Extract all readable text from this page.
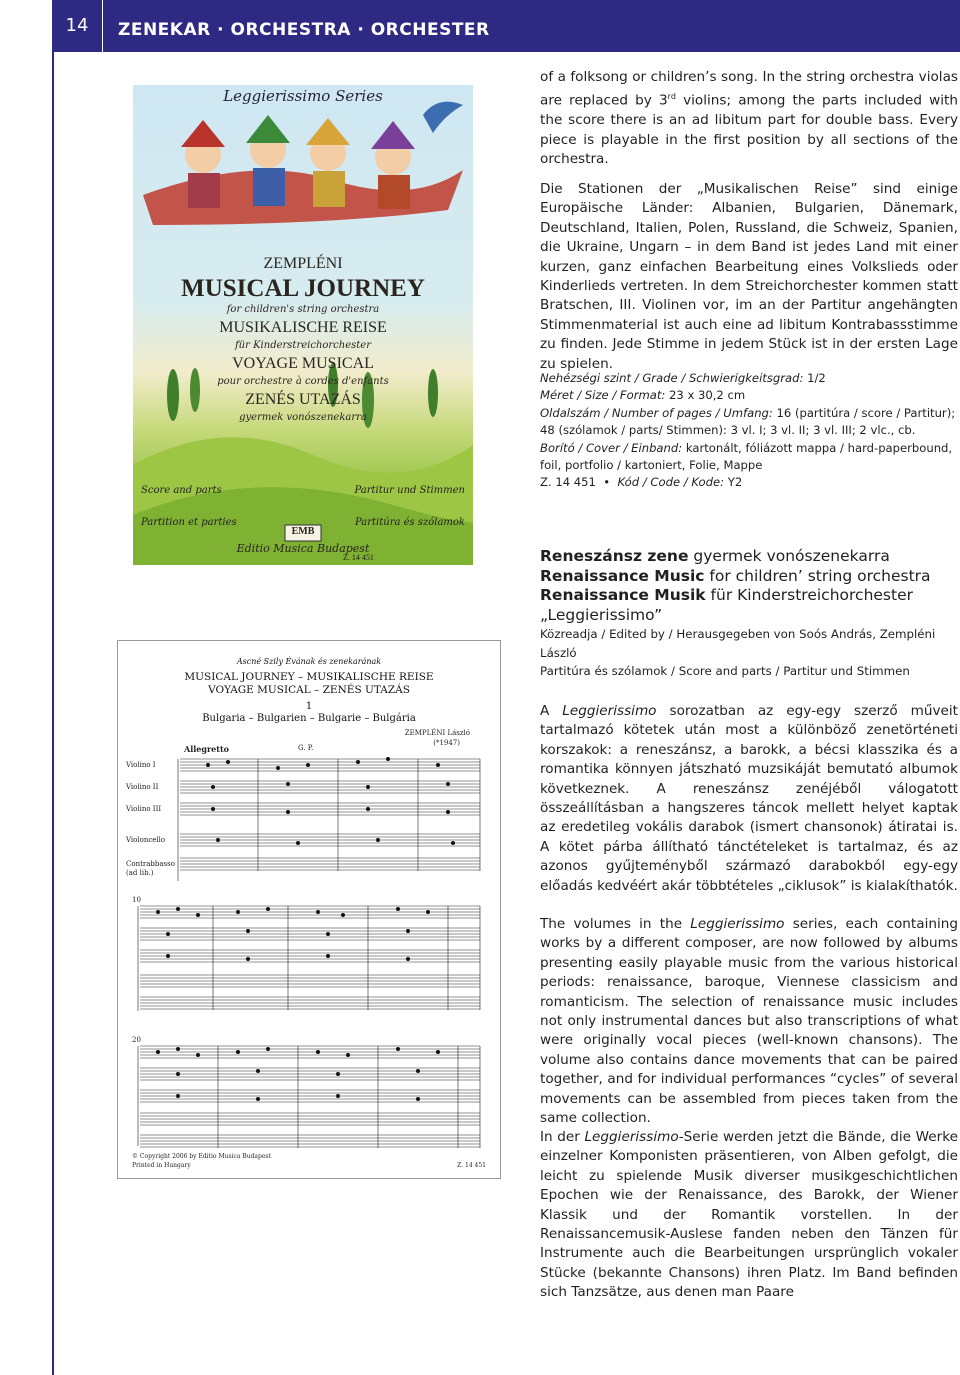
14	ZENEKAR · ORCHESTRA · ORCHESTER
Leggierissimo Series
ZEMPLÉNI
MUSICAL JOURNEY
for children's string orchestra
MUSIKALISCHE REISE
für Kinderstreichorchester
VOYAGE MUSICAL
pour orchestre à cordes d'enfants
ZENÉS UTAZÁS
gyermek vonószenekarra
Score and parts	Partitur und Stimmen
Partition et parties	Partitúra és szólamok
EMB
Editio Musica Budapest
Z. 14 451
Ascné Szily Évának és zenekarának
MUSICAL JOURNEY – MUSIKALISCHE REISE
VOYAGE MUSICAL – ZENÉS UTAZÁS
1
Bulgaria – Bulgarien – Bulgarie – Bulgária
ZEMPLÉNI László
(*1947)
Allegretto	G. P.
Violino I
Violino II
Violino III
Violoncello
Contrabbasso
(ad lib.)
10
20
© Copyright 2006 by Editio Musica Budapest
Printed in Hungary	Z. 14 451

of a folksong or children’s song. In the string orchestra violas are replaced by 3rd violins; among the parts included with the score there is an ad libitum part for double bass. Every piece is playable in the first position by all sections of the orchestra.

Die Stationen der „Musikalischen Reise” sind einige Europäische Länder: Albanien, Bulgarien, Dänemark, Deutschland, Italien, Polen, Russland, die Schweiz, Spanien, die Ukraine, Ungarn – in dem Band ist jedes Land mit einer kurzen, ganz einfachen Bearbeitung eines Volkslieds oder Kinderlieds vertreten. In dem Streichorchester kommen statt Bratschen, III. Violinen vor, im an der Partitur angehängten Stimmenmaterial ist auch eine ad libitum Kontrabassstimme zu finden. Jede Stimme in jedem Stück ist in der ersten Lage zu spielen.

Nehézségi szint / Grade / Schwierigkeitsgrad: 1/2
Méret / Size / Format: 23 x 30,2 cm
Oldalszám / Number of pages / Umfang: 16 (partitúra / score / Partitur); 48 (szólamok / parts/ Stimmen): 3 vl. I; 3 vl. II; 3 vl. III; 2 vlc., cb.
Borító / Cover / Einband: kartonált, fóliázott mappa / hard-paperbound, foil, portfolio / kartoniert, Folie, Mappe
Z. 14 451  •  Kód / Code / Kode: Y2
Reneszánsz zene gyermek vonószenekarra
Renaissance Music for children’ string orchestra
Renaissance Musik für Kinderstreichorchester
„Leggierissimo”

Közreadja / Edited by / Herausgegeben von Soós András, Zempléni László

Partitúra és szólamok / Score and parts / Partitur und Stimmen

A Leggierissimo sorozatban az egy-egy szerző műveit tartalmazó kötetek után most a különböző zenetörténeti korszakok: a reneszánsz, a barokk, a bécsi klasszika és a romantika könnyen játszható muzsikáját bemutató albumok következnek. A reneszánsz zenéjéből válogatott összeállításban a hangszeres táncok mellett helyet kaptak az eredetileg vokális darabok (ismert chansonok) átiratai is. A kötet párba állítható tánctételeket is tartalmaz, és az azonos gyűjteményből származó darabokból egy-egy előadás kedvéért akár többtételes „ciklusok” is kialakíthatók.

The volumes in the Leggierissimo series, each containing works by a different composer, are now followed by albums presenting easily playable music from the various historical periods: renaissance, baroque, Viennese classicism and romanticism. The selection of renaissance music includes not only instrumental dances but also transcriptions of what were originally vocal pieces (well-known chansons). The volume also contains dance movements that can be paired together, and for individual performances “cycles” of several movements can be assembled from pieces taken from the same collection.

In der Leggierissimo-Serie werden jetzt die Bände, die Werke einzelner Komponisten präsentieren, von Alben gefolgt, die leicht zu spielende Musik diverser musikgeschichtlichen Epochen wie der Renaissance, des Barokk, der Wiener Klassik und der Romantik vorstellen. In der Renaissancemusik-Auslese fanden neben den Tänzen für Instrumente auch die Bearbeitungen ursprünglich vokaler Stücke (bekannte Chansons) ihren Platz. Im Band befinden sich Tanzsätze, aus denen man Paare
